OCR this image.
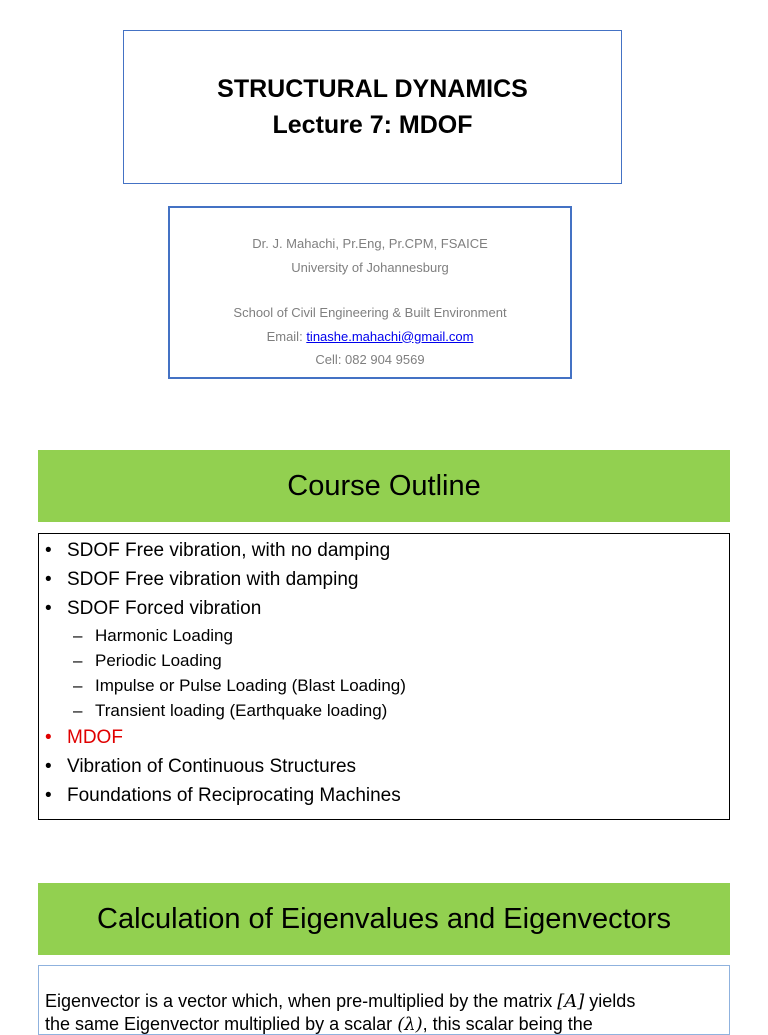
STRUCTURAL DYNAMICS
Lecture 7: MDOF
Dr. J. Mahachi, Pr.Eng, Pr.CPM, FSAICE
University of Johannesburg
School of Civil Engineering & Built Environment
Email: tinashe.mahachi@gmail.com
Cell: 082 904 9569
Course Outline
• SDOF Free vibration, with no damping
• SDOF Free vibration with damping
• SDOF Forced vibration
– Harmonic Loading
– Periodic Loading
– Impulse or Pulse Loading (Blast Loading)
– Transient loading (Earthquake loading)
• MDOF
• Vibration of Continuous Structures
• Foundations of Reciprocating Machines
Calculation of Eigenvalues and Eigenvectors
Eigenvector is a vector which, when pre-multiplied by the matrix [A] yields
the same Eigenvector multiplied by a scalar (λ), this scalar being the
